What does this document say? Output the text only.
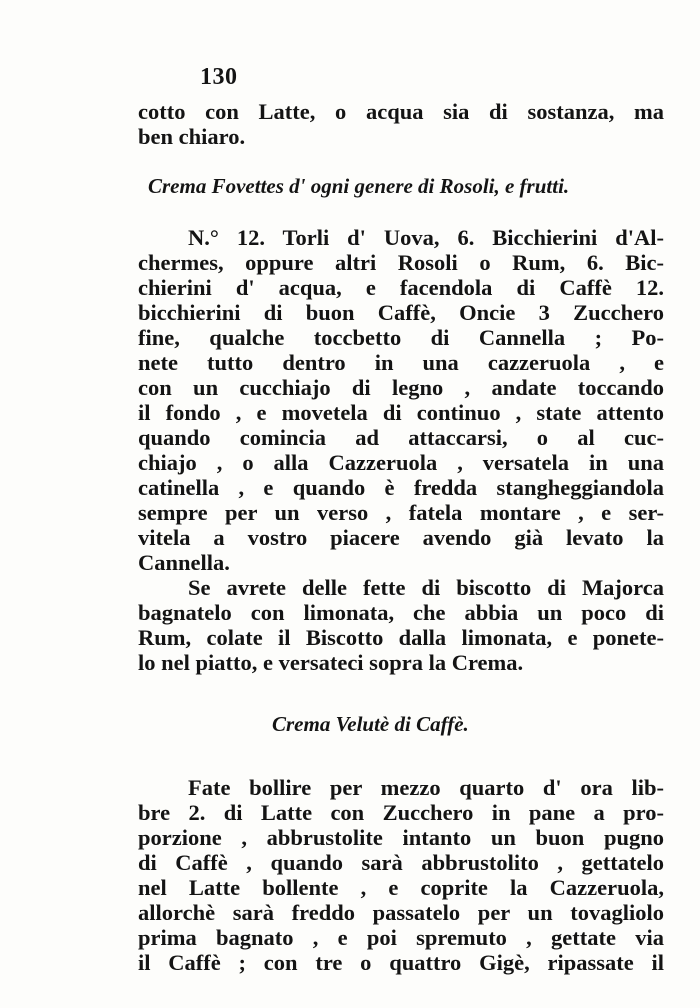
130
cotto con Latte, o acqua sia di sostanza, ma
ben chiaro.
Crema Fovettes d' ogni genere di Rosoli, e frutti.
N.° 12. Torli d' Uova, 6. Bicchierini d'Al-
chermes, oppure altri Rosoli o Rum, 6. Bic-
chierini d' acqua, e facendola di Caffè 12.
bicchierini di buon Caffè, Oncie 3 Zucchero
fine, qualche toccbetto di Cannella ; Po-
nete tutto dentro in una cazzeruola , e
con un cucchiajo di legno , andate toccando
il fondo , e movetela di continuo , state attento
quando comincia ad attaccarsi, o al cuc-
chiajo , o alla Cazzeruola , versatela in una
catinella , e quando è fredda stangheggiandola
sempre per un verso , fatela montare , e ser-
vitela a vostro piacere avendo già levato la
Cannella.
Se avrete delle fette di biscotto di Majorca
bagnatelo con limonata, che abbia un poco di
Rum, colate il Biscotto dalla limonata, e ponete-
lo nel piatto, e versateci sopra la Crema.
Crema Velutè di Caffè.
Fate bollire per mezzo quarto d' ora lib-
bre 2. di Latte con Zucchero in pane a pro-
porzione , abbrustolite intanto un buon pugno
di Caffè , quando sarà abbrustolito , gettatelo
nel Latte bollente , e coprite la Cazzeruola,
allorchè sarà freddo passatelo per un tovagliolo
prima bagnato , e poi spremuto , gettate via
il Caffè ; con tre o quattro Gigè, ripassate il
